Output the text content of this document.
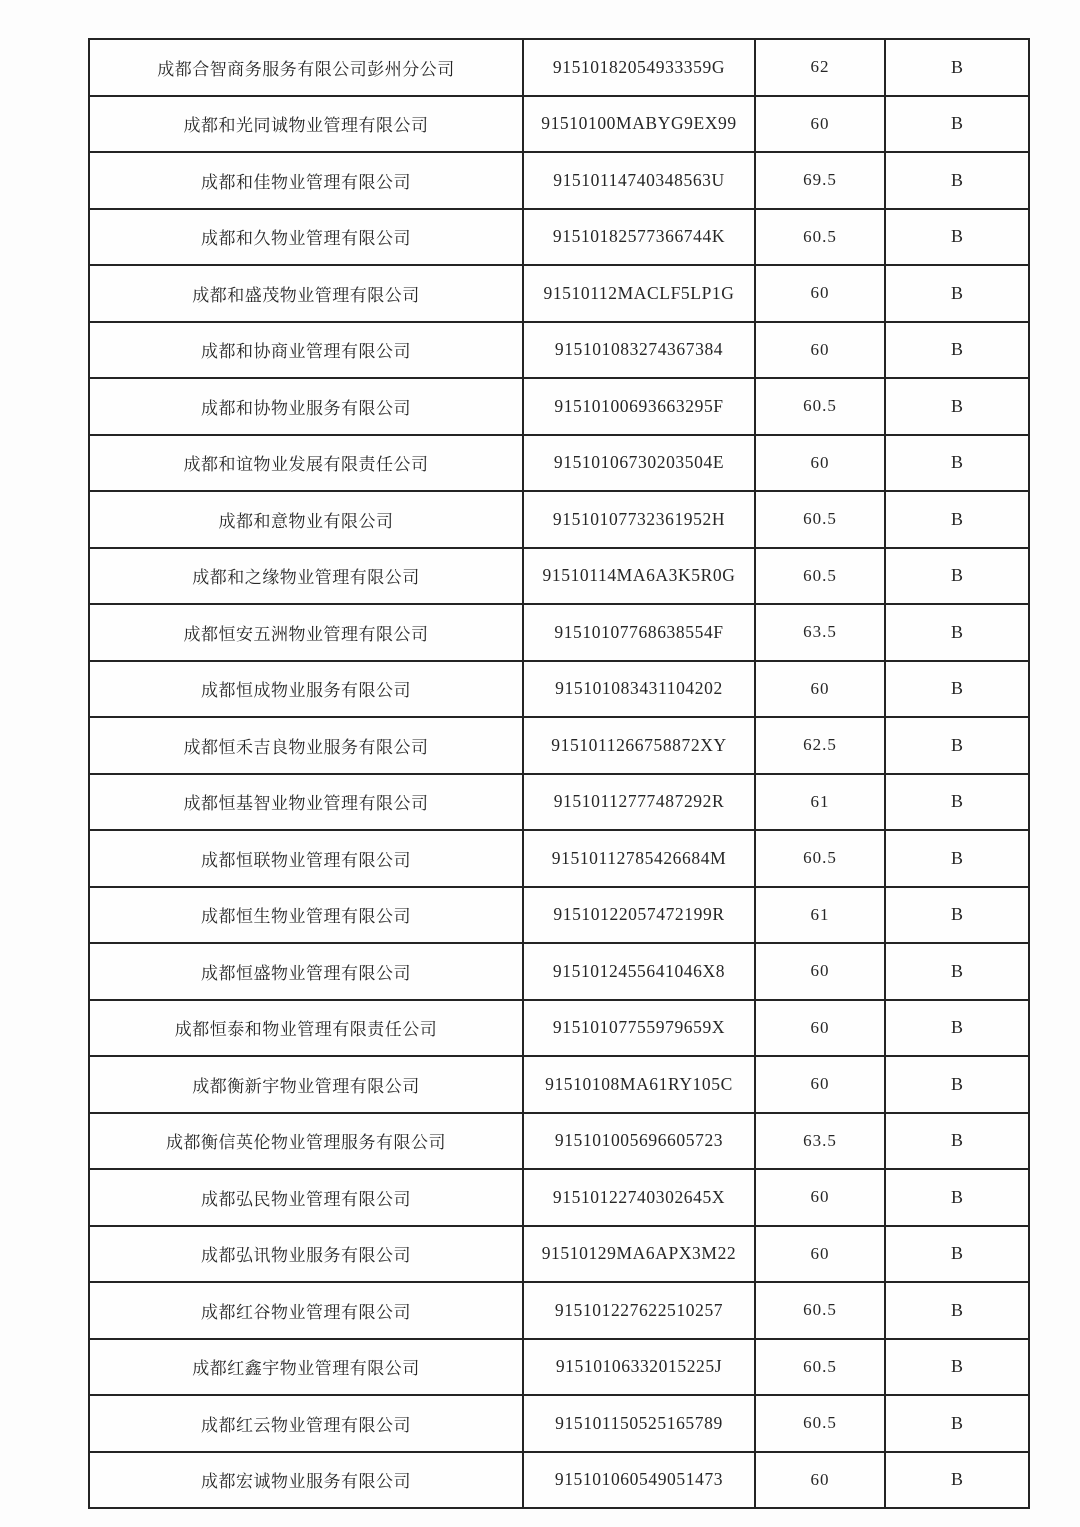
成都合智商务服务有限公司彭州分公司	91510182054933359G	62	B
成都和光同诚物业管理有限公司	91510100MABYG9EX99	60	B
成都和佳物业管理有限公司	91510114740348563U	69.5	B
成都和久物业管理有限公司	91510182577366744K	60.5	B
成都和盛茂物业管理有限公司	91510112MACLF5LP1G	60	B
成都和协商业管理有限公司	915101083274367384	60	B
成都和协物业服务有限公司	91510100693663295F	60.5	B
成都和谊物业发展有限责任公司	91510106730203504E	60	B
成都和意物业有限公司	91510107732361952H	60.5	B
成都和之缘物业管理有限公司	91510114MA6A3K5R0G	60.5	B
成都恒安五洲物业管理有限公司	91510107768638554F	63.5	B
成都恒成物业服务有限公司	915101083431104202	60	B
成都恒禾吉良物业服务有限公司	9151011266758872XY	62.5	B
成都恒基智业物业管理有限公司	91510112777487292R	61	B
成都恒联物业管理有限公司	91510112785426684M	60.5	B
成都恒生物业管理有限公司	91510122057472199R	61	B
成都恒盛物业管理有限公司	9151012455641046X8	60	B
成都恒泰和物业管理有限责任公司	91510107755979659X	60	B
成都衡新宇物业管理有限公司	91510108MA61RY105C	60	B
成都衡信英伦物业管理服务有限公司	915101005696605723	63.5	B
成都弘民物业管理有限公司	91510122740302645X	60	B
成都弘讯物业服务有限公司	91510129MA6APX3M22	60	B
成都红谷物业管理有限公司	915101227622510257	60.5	B
成都红鑫宇物业管理有限公司	91510106332015225J	60.5	B
成都红云物业管理有限公司	915101150525165789	60.5	B
成都宏诚物业服务有限公司	915101060549051473	60	B
